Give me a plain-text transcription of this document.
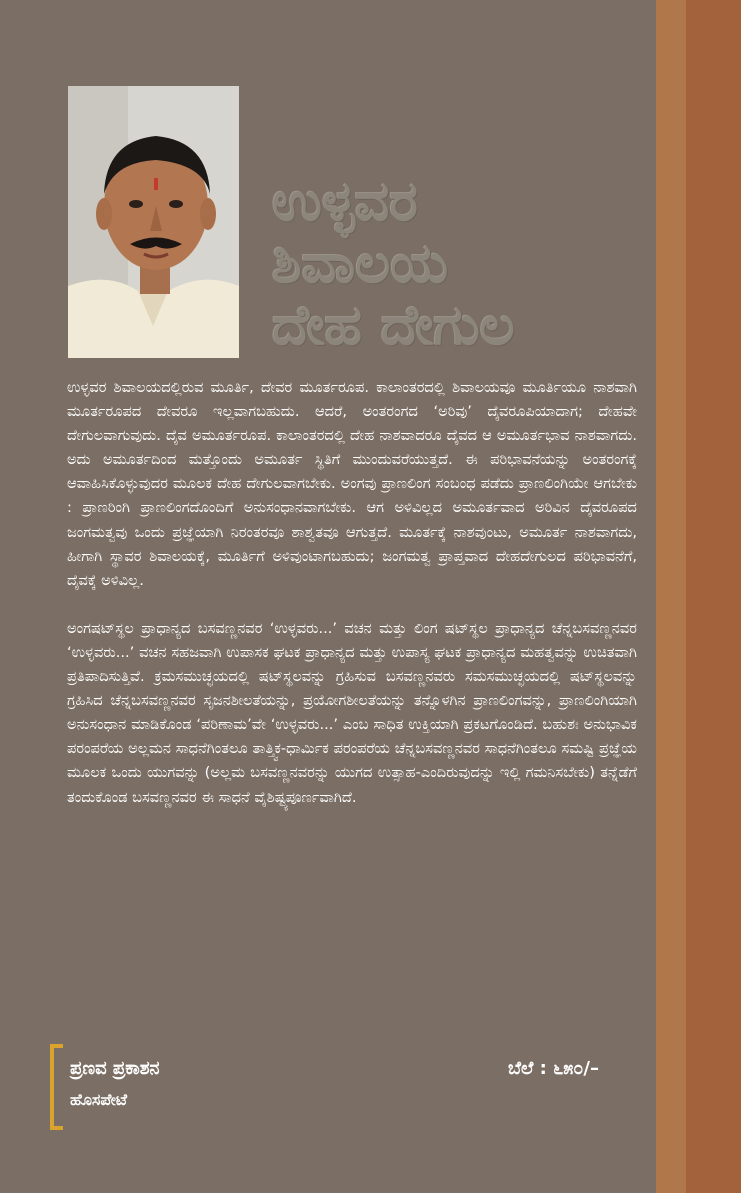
ಉಳ್ಳವರ
ಶಿವಾಲಯ
ದೇಹ ದೇಗುಲ

ಉಳ್ಳವರ ಶಿವಾಲಯದಲ್ಲಿರುವ ಮೂರ್ತಿ, ದೇವರ ಮೂರ್ತರೂಪ. ಕಾಲಾಂತರದಲ್ಲಿ ಶಿವಾಲಯವೂ ಮೂರ್ತಿಯೂ ನಾಶವಾಗಿ ಮೂರ್ತರೂಪದ ದೇವರೂ ಇಲ್ಲವಾಗಬಹುದು. ಆದರೆ, ಅಂತರಂಗದ ‘ಅರಿವು’ ದೈವರೂಪಿಯಾದಾಗ; ದೇಹವೇ ದೇಗುಲವಾಗುವುದು. ದೈವ ಅಮೂರ್ತರೂಪ. ಕಾಲಾಂತರದಲ್ಲಿ ದೇಹ ನಾಶವಾದರೂ ದೈವದ ಆ ಅಮೂರ್ತಭಾವ ನಾಶವಾಗದು. ಅದು ಅಮೂರ್ತದಿಂದ ಮತ್ತೊಂದು ಅಮೂರ್ತ ಸ್ಥಿತಿಗೆ ಮುಂದುವರೆಯುತ್ತದೆ. ಈ ಪರಿಭಾವನೆಯನ್ನು ಅಂತರಂಗಕ್ಕೆ ಆವಾಹಿಸಿಕೊಳ್ಳುವುದರ ಮೂಲಕ ದೇಹ ದೇಗುಲವಾಗಬೇಕು. ಅಂಗವು ಪ್ರಾಣಲಿಂಗ ಸಂಬಂಧ ಪಡೆದು ಪ್ರಾಣಲಿಂಗಿಯೇ ಆಗಬೇಕು : ಪ್ರಾಣರಿಂಗಿ ಪ್ರಾಣಲಿಂಗದೊಂದಿಗೆ ಅನುಸಂಧಾನವಾಗಬೇಕು. ಆಗ ಅಳಿವಿಲ್ಲದ ಅಮೂರ್ತವಾದ ಅರಿವಿನ ದೈವರೂಪದ ಜಂಗಮತ್ವವು ಒಂದು ಪ್ರಜ್ಞೆಯಾಗಿ ನಿರಂತರವೂ ಶಾಶ್ವತವೂ ಆಗುತ್ತದೆ. ಮೂರ್ತಕ್ಕೆ ನಾಶವುಂಟು, ಅಮೂರ್ತ ನಾಶವಾಗದು, ಹೀಗಾಗಿ ಸ್ಥಾವರ ಶಿವಾಲಯಕ್ಕೆ, ಮೂರ್ತಿಗೆ ಅಳಿವುಂಟಾಗಬಹುದು; ಜಂಗಮತ್ವ ಪ್ರಾಪ್ತವಾದ ದೇಹದೇಗುಲದ ಪರಿಭಾವನೆಗೆ, ದೈವಕ್ಕೆ ಅಳಿವಿಲ್ಲ.

ಅಂಗಷಟ್‌ಸ್ಥಲ ಪ್ರಾಧಾನ್ಯದ ಬಸವಣ್ಣನವರ ‘ಉಳ್ಳವರು...’ ವಚನ ಮತ್ತು ಲಿಂಗ ಷಟ್‌ಸ್ಥಲ ಪ್ರಾಧಾನ್ಯದ ಚೆನ್ನಬಸವಣ್ಣನವರ ‘ಉಳ್ಳವರು...’ ವಚನ ಸಹಜವಾಗಿ ಉಪಾಸಕ ಘಟಕ ಪ್ರಾಧಾನ್ಯದ ಮತ್ತು ಉಪಾಸ್ಯ ಘಟಕ ಪ್ರಾಧಾನ್ಯದ ಮಹತ್ವವನ್ನು ಉಚಿತವಾಗಿ ಪ್ರತಿಪಾದಿಸುತ್ತಿವೆ. ಕ್ರಮಸಮುಚ್ಛಯದಲ್ಲಿ ಷಟ್‌ಸ್ಥಲವನ್ನು ಗ್ರಹಿಸುವ ಬಸವಣ್ಣನವರು ಸಮಸಮುಚ್ಛಯದಲ್ಲಿ ಷಟ್‌ಸ್ಥಲವನ್ನು ಗ್ರಹಿಸಿದ ಚೆನ್ನಬಸವಣ್ಣನವರ ಸೃಜನಶೀಲತೆಯನ್ನು, ಪ್ರಯೋಗಶೀಲತೆಯನ್ನು ತನ್ನೊಳಗಿನ ಪ್ರಾಣಲಿಂಗವನ್ನು, ಪ್ರಾಣಲಿಂಗಿಯಾಗಿ ಅನುಸಂಧಾನ ಮಾಡಿಕೊಂಡ ‘ಪರಿಣಾಮ’ವೇ ‘ಉಳ್ಳವರು...’ ಎಂಬ ಸಾಧಿತ ಉಕ್ತಿಯಾಗಿ ಪ್ರಕಟಗೊಂಡಿದೆ. ಬಹುಶಃ ಅನುಭಾವಿಕ ಪರಂಪರೆಯ ಅಲ್ಲಮನ ಸಾಧನೆಗಿಂತಲೂ ತಾತ್ತ್ವಿಕ-ಧಾರ್ಮಿಕ ಪರಂಪರೆಯ ಚೆನ್ನಬಸವಣ್ಣನವರ ಸಾಧನೆಗಿಂತಲೂ ಸಮಷ್ಟಿ ಪ್ರಜ್ಞೆಯ ಮೂಲಕ ಒಂದು ಯುಗವನ್ನು (ಅಲ್ಲಮ ಬಸವಣ್ಣನವರನ್ನು ಯುಗದ ಉತ್ಸಾಹ-ಎಂದಿರುವುದನ್ನು ಇಲ್ಲಿ ಗಮನಿಸಬೇಕು) ತನ್ನೆಡೆಗೆ ತಂದುಕೊಂಡ ಬಸವಣ್ಣನವರ ಈ ಸಾಧನೆ ವೈಶಿಷ್ಟ್ಯಪೂರ್ಣವಾಗಿದೆ.

ಪ್ರಣವ ಪ್ರಕಾಶನ
ಹೊಸಪೇಟೆ
ಬೆಲೆ : ೬೫೦/–
